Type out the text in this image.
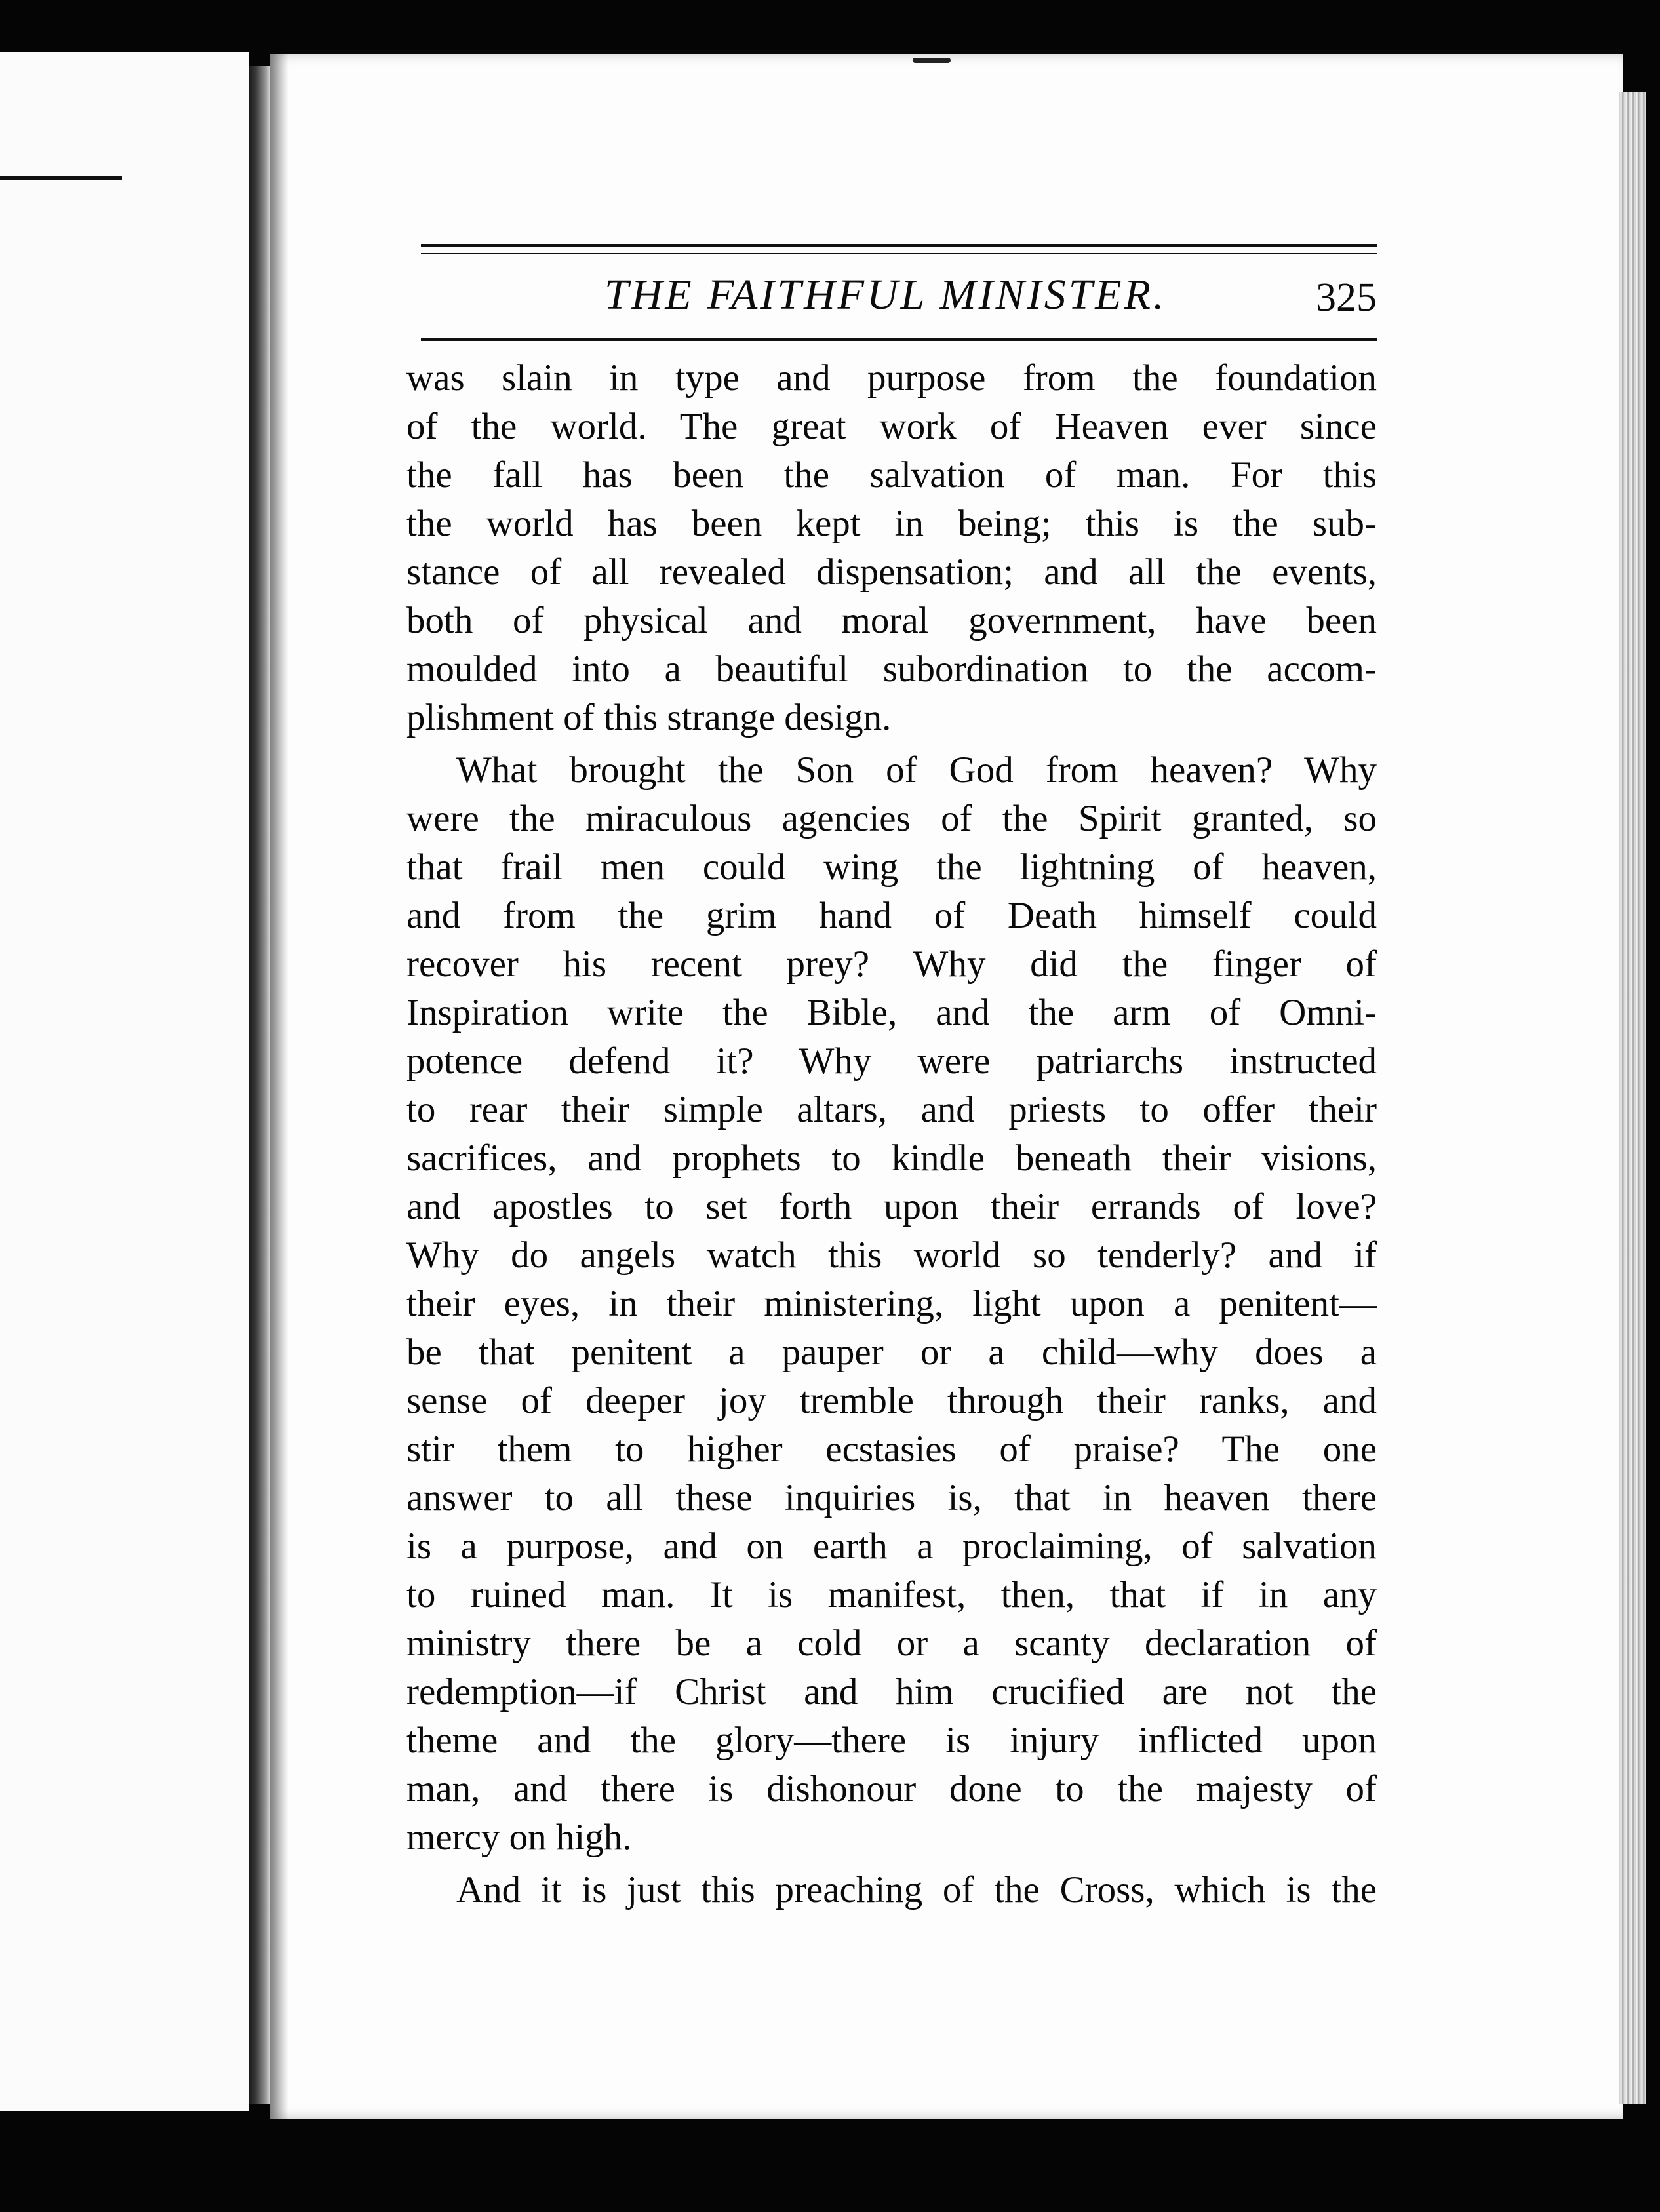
THE FAITHFUL MINISTER.	325
was slain in type and purpose from the foundation
of the world. The great work of Heaven ever since
the fall has been the salvation of man. For this
the world has been kept in being; this is the sub-
stance of all revealed dispensation; and all the events,
both of physical and moral government, have been
moulded into a beautiful subordination to the accom-
plishment of this strange design.
What brought the Son of God from heaven? Why
were the miraculous agencies of the Spirit granted, so
that frail men could wing the lightning of heaven,
and from the grim hand of Death himself could
recover his recent prey? Why did the finger of
Inspiration write the Bible, and the arm of Omni-
potence defend it? Why were patriarchs instructed
to rear their simple altars, and priests to offer their
sacrifices, and prophets to kindle beneath their visions,
and apostles to set forth upon their errands of love?
Why do angels watch this world so tenderly? and if
their eyes, in their ministering, light upon a penitent—
be that penitent a pauper or a child—why does a
sense of deeper joy tremble through their ranks, and
stir them to higher ecstasies of praise? The one
answer to all these inquiries is, that in heaven there
is a purpose, and on earth a proclaiming, of salvation
to ruined man. It is manifest, then, that if in any
ministry there be a cold or a scanty declaration of
redemption—if Christ and him crucified are not the
theme and the glory—there is injury inflicted upon
man, and there is dishonour done to the majesty of
mercy on high.
And it is just this preaching of the Cross, which is the
